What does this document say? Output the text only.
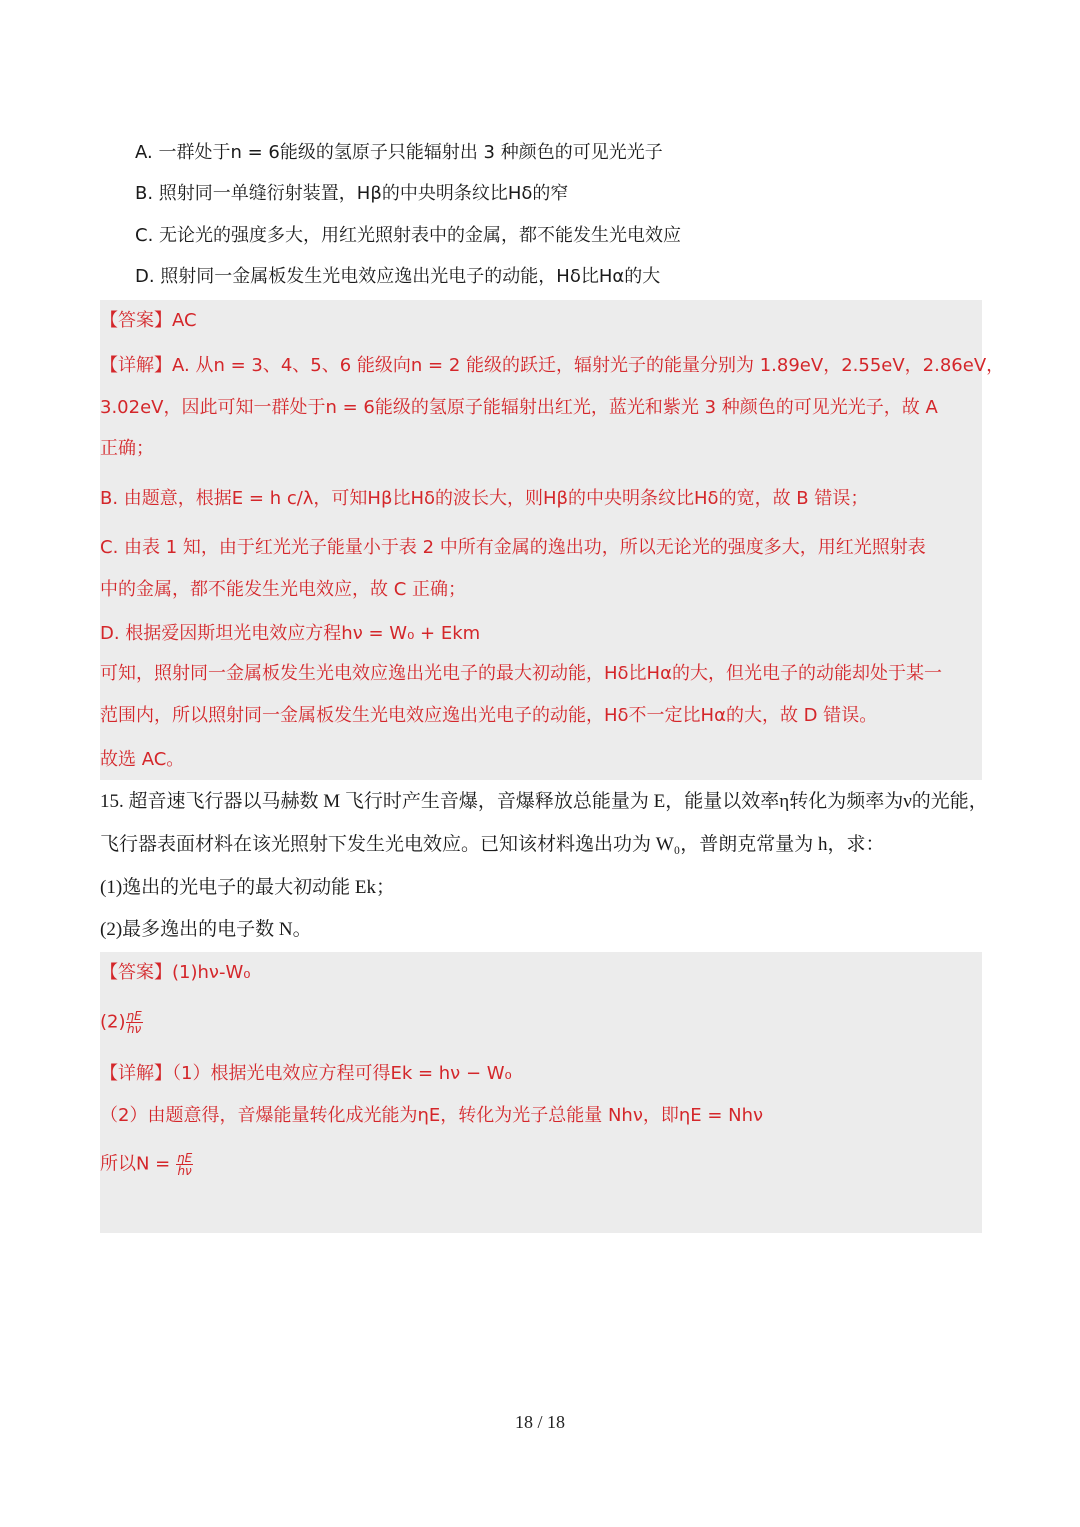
A. 一群处于n = 6能级的氢原子只能辐射出 3 种颜色的可见光光子
B. 照射同一单缝衍射装置，Hβ的中央明条纹比Hδ的窄
C. 无论光的强度多大，用红光照射表中的金属，都不能发生光电效应
D. 照射同一金属板发生光电效应逸出光电子的动能，Hδ比Hα的大
【答案】AC
【详解】A. 从n = 3、4、5、6 能级向n = 2 能级的跃迁，辐射光子的能量分别为 1.89eV，2.55eV，2.86eV，
3.02eV，因此可知一群处于n = 6能级的氢原子能辐射出红光，蓝光和紫光 3 种颜色的可见光光子，故 A
正确；
B. 由题意，根据E = h c/λ，可知Hβ比Hδ的波长大，则Hβ的中央明条纹比Hδ的宽，故 B 错误；
C. 由表 1 知，由于红光光子能量小于表 2 中所有金属的逸出功，所以无论光的强度多大，用红光照射表
中的金属，都不能发生光电效应，故 C 正确；
D. 根据爱因斯坦光电效应方程hν = W₀ + Ekm
可知，照射同一金属板发生光电效应逸出光电子的最大初动能，Hδ比Hα的大，但光电子的动能却处于某一
范围内，所以照射同一金属板发生光电效应逸出光电子的动能，Hδ不一定比Hα的大，故 D 错误。
故选 AC。
15. 超音速飞行器以马赫数 M 飞行时产生音爆，音爆释放总能量为 E，能量以效率η转化为频率为ν的光能，
飞行器表面材料在该光照射下发生光电效应。已知该材料逸出功为 W₀，普朗克常量为 h，求：
(1)逸出的光电子的最大初动能 Ek；
(2)最多逸出的电子数 N。
【答案】(1)hν-W₀
$(2) \frac{\eta E}{h\nu}$
【详解】（1）根据光电效应方程可得Ek = hν − W₀
（2）由题意得，音爆能量转化成光能为ηE，转化为光子总能量 Nhν，即ηE = Nhν
所以$N = \frac{\eta E}{h\nu}$
18 / 18
